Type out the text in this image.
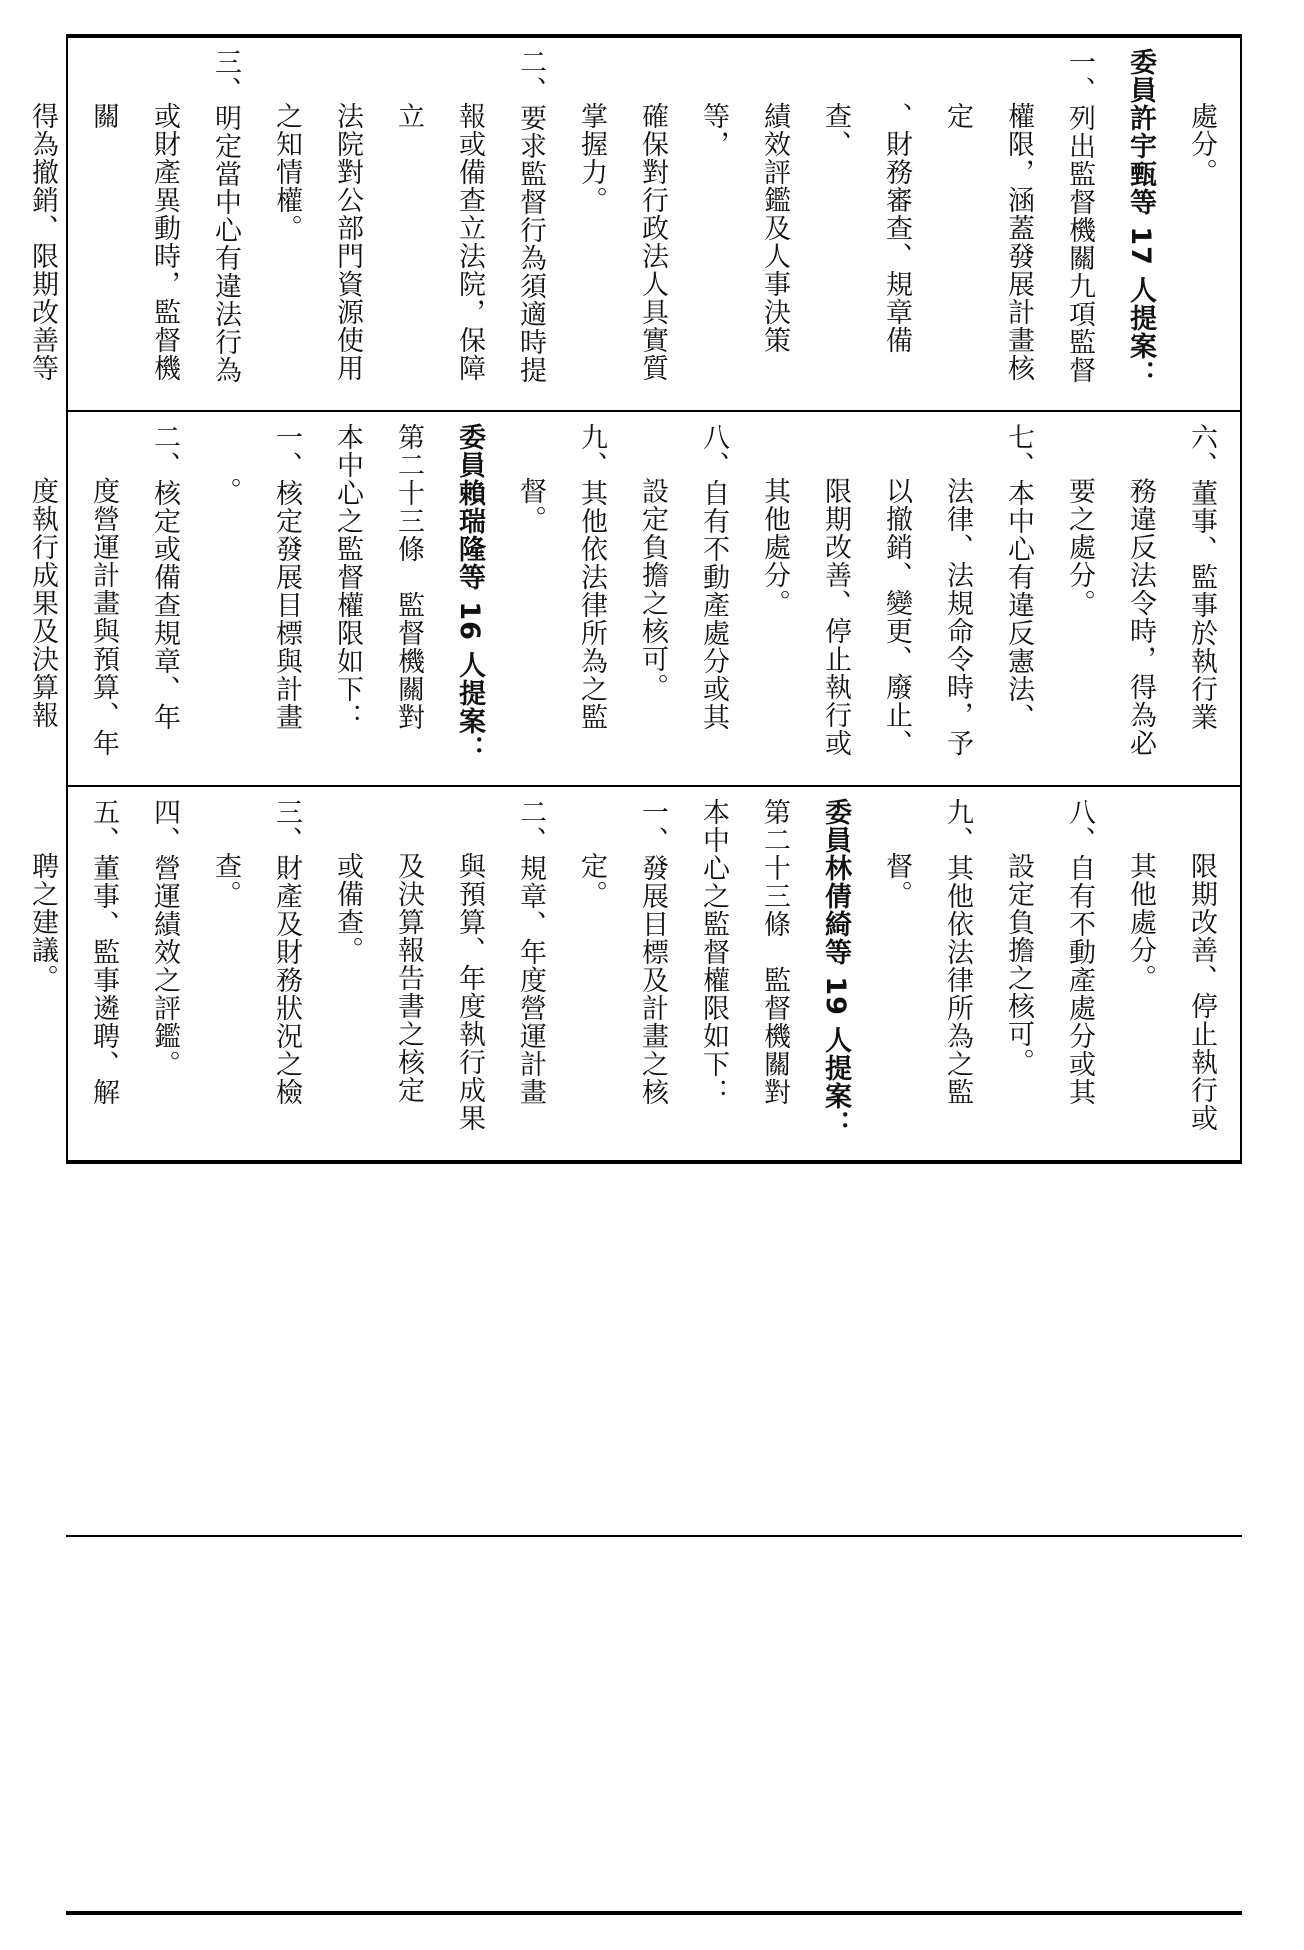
處分。

委員許宇甄等 17 人提案：

一、列出監督機關九項監督

權限，涵蓋發展計畫核定

、財務審查、規章備查、

績效評鑑及人事決策等，

確保對行政法人具實質

掌握力。

二、要求監督行為須適時提

報或備查立法院，保障立

法院對公部門資源使用

之知情權。

三、明定當中心有違法行為

或財產異動時，監督機關

得為撤銷、限期改善等

六、董事、監事於執行業

務違反法令時，得為必

要之處分。

七、本中心有違反憲法、

法律、法規命令時，予

以撤銷、變更、廢止、

限期改善、停止執行或

其他處分。

八、自有不動產處分或其

設定負擔之核可。

九、其他依法律所為之監

督。

委員賴瑞隆等 16 人提案：

第二十三條　監督機關對

本中心之監督權限如下：

一、核定發展目標與計畫

。

二、核定或備查規章、年

度營運計畫與預算、年

度執行成果及決算報

限期改善、停止執行或

其他處分。

八、自有不動產處分或其

設定負擔之核可。

九、其他依法律所為之監

督。

委員林倩綺等 19 人提案：

第二十三條　監督機關對

本中心之監督權限如下：

一、發展目標及計畫之核

定。

二、規章、年度營運計畫

與預算、年度執行成果

及決算報告書之核定

或備查。

三、財產及財務狀況之檢

查。

四、營運績效之評鑑。

五、董事、監事遴聘、解

聘之建議。
